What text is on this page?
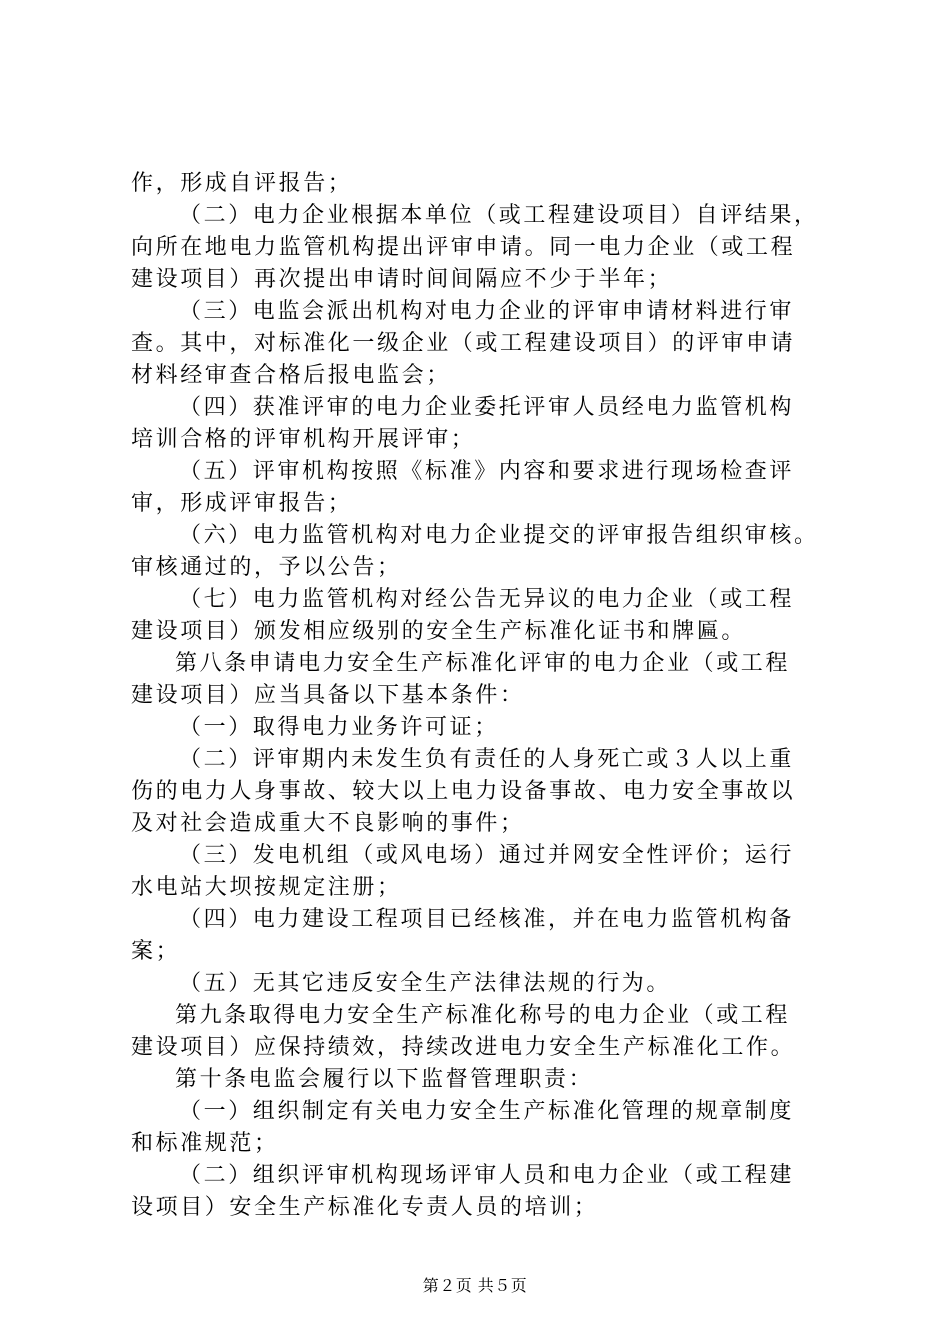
作，形成自评报告；
（二）电力企业根据本单位（或工程建设项目）自评结果，
向所在地电力监管机构提出评审申请。同一电力企业（或工程
建设项目）再次提出申请时间间隔应不少于半年；
（三）电监会派出机构对电力企业的评审申请材料进行审
查。其中，对标准化一级企业（或工程建设项目）的评审申请
材料经审查合格后报电监会；
（四）获准评审的电力企业委托评审人员经电力监管机构
培训合格的评审机构开展评审；
（五）评审机构按照《标准》内容和要求进行现场检查评
审，形成评审报告；
（六）电力监管机构对电力企业提交的评审报告组织审核。
审核通过的，予以公告；
（七）电力监管机构对经公告无异议的电力企业（或工程
建设项目）颁发相应级别的安全生产标准化证书和牌匾。
第八条申请电力安全生产标准化评审的电力企业（或工程
建设项目）应当具备以下基本条件：
（一）取得电力业务许可证；
（二）评审期内未发生负有责任的人身死亡或３人以上重
伤的电力人身事故、较大以上电力设备事故、电力安全事故以
及对社会造成重大不良影响的事件；
（三）发电机组（或风电场）通过并网安全性评价；运行
水电站大坝按规定注册；
（四）电力建设工程项目已经核准，并在电力监管机构备
案；
（五）无其它违反安全生产法律法规的行为。
第九条取得电力安全生产标准化称号的电力企业（或工程
建设项目）应保持绩效，持续改进电力安全生产标准化工作。
第十条电监会履行以下监督管理职责：
（一）组织制定有关电力安全生产标准化管理的规章制度
和标准规范；
（二）组织评审机构现场评审人员和电力企业（或工程建
设项目）安全生产标准化专责人员的培训；
第２页 共５页
